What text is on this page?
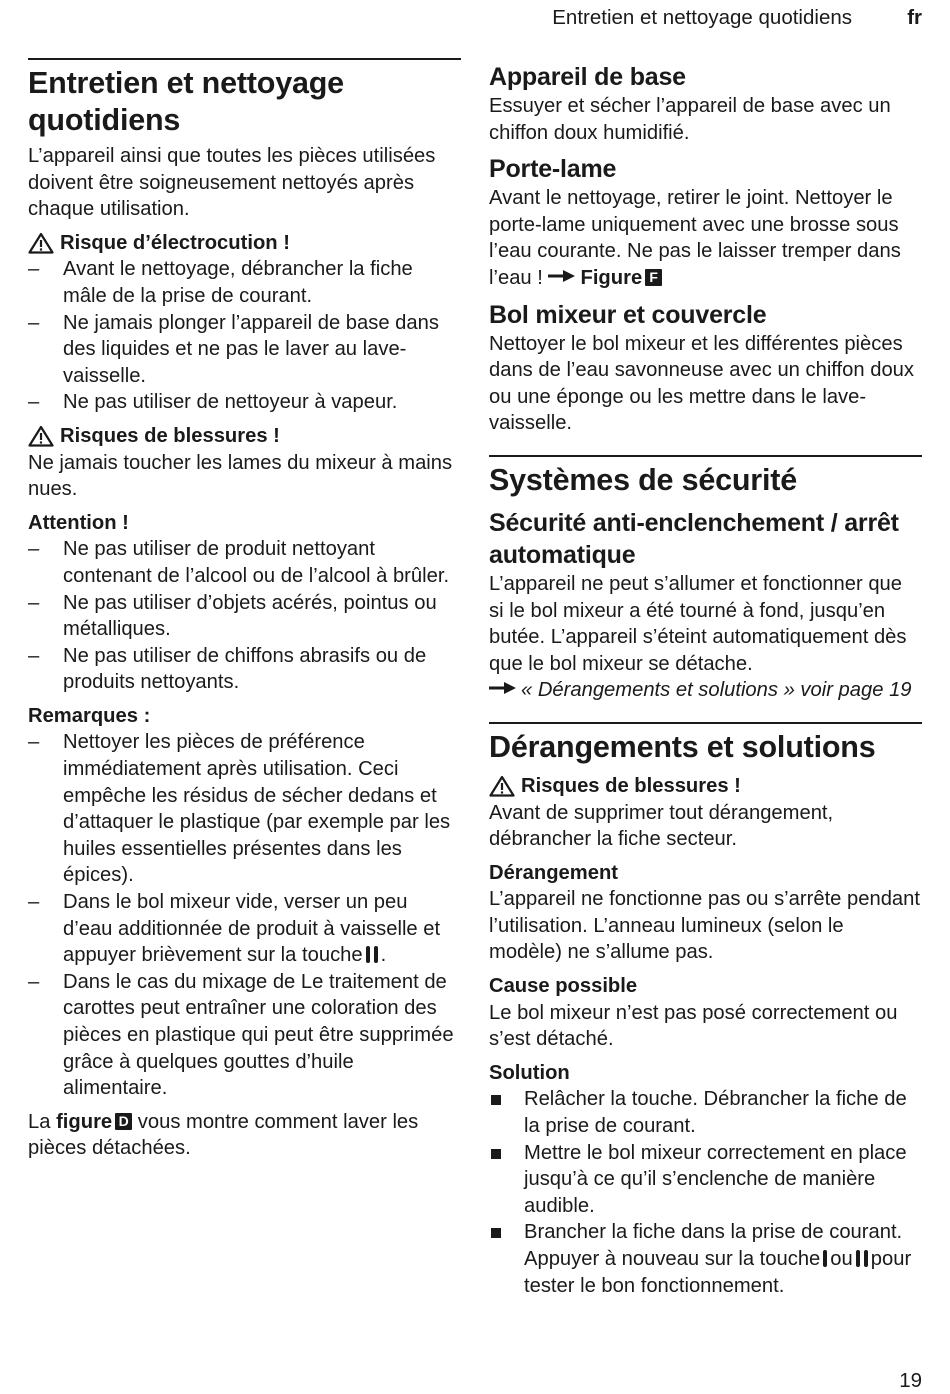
Entretien et nettoyage quotidiens	fr
Entretien et nettoyage quotidiens

L’appareil ainsi que toutes les pièces utilisées doivent être soigneusement nettoyés après chaque utilisation.

Risque d’électrocution !
– Avant le nettoyage, débrancher la fiche mâle de la prise de courant.
– Ne jamais plonger l’appareil de base dans des liquides et ne pas le laver au lave-vaisselle.
– Ne pas utiliser de nettoyeur à vapeur.
Risques de blessures !

Ne jamais toucher les lames du mixeur à mains nues.

Attention !
– Ne pas utiliser de produit nettoyant contenant de l’alcool ou de l’alcool à brûler.
– Ne pas utiliser d’objets acérés, pointus ou métalliques.
– Ne pas utiliser de chiffons abrasifs ou de produits nettoyants.
Remarques :
– Nettoyer les pièces de préférence immédiatement après utilisation. Ceci empêche les résidus de sécher dedans et d’attaquer le plastique (par exemple par les huiles essentielles présentes dans les épices).
– Dans le bol mixeur vide, verser un peu d’eau additionnée de produit à vaisselle et appuyer brièvement sur la touche .
– Dans le cas du mixage de Le traitement de carottes peut entraîner une coloration des pièces en plastique qui peut être supprimée grâce à quelques gouttes d’huile alimentaire.

La figure D vous montre comment laver les pièces détachées.

Appareil de base

Essuyer et sécher l’appareil de base avec un chiffon doux humidifié.

Porte-lame

Avant le nettoyage, retirer le joint. Nettoyer le porte-lame uniquement avec une brosse sous l’eau courante. Ne pas le laisser tremper dans l’eau ! Figure F

Bol mixeur et couvercle

Nettoyer le bol mixeur et les différentes pièces dans de l’eau savonneuse avec un chiffon doux ou une éponge ou les mettre dans le lave-vaisselle.

Systèmes de sécurité
Sécurité anti-enclenchement / arrêt automatique

L’appareil ne peut s’allumer et fonctionner que si le bol mixeur a été tourné à fond, jusqu’en butée. L’appareil s’éteint automatiquement dès que le bol mixeur se détache.

« Dérangements et solutions » voir page 19

Dérangements et solutions
Risques de blessures !

Avant de supprimer tout dérangement, débrancher la fiche secteur.

Dérangement

L’appareil ne fonctionne pas ou s’arrête pendant l’utilisation. L’anneau lumineux (selon le modèle) ne s’allume pas.

Cause possible

Le bol mixeur n’est pas posé correctement ou s’est détaché.

Solution
Relâcher la touche. Débrancher la fiche de la prise de courant.
Mettre le bol mixeur correctement en place jusqu’à ce qu’il s’enclenche de manière audible.
Brancher la fiche dans la prise de courant. Appuyer à nouveau sur la touche ou pour tester le bon fonctionnement.
19
